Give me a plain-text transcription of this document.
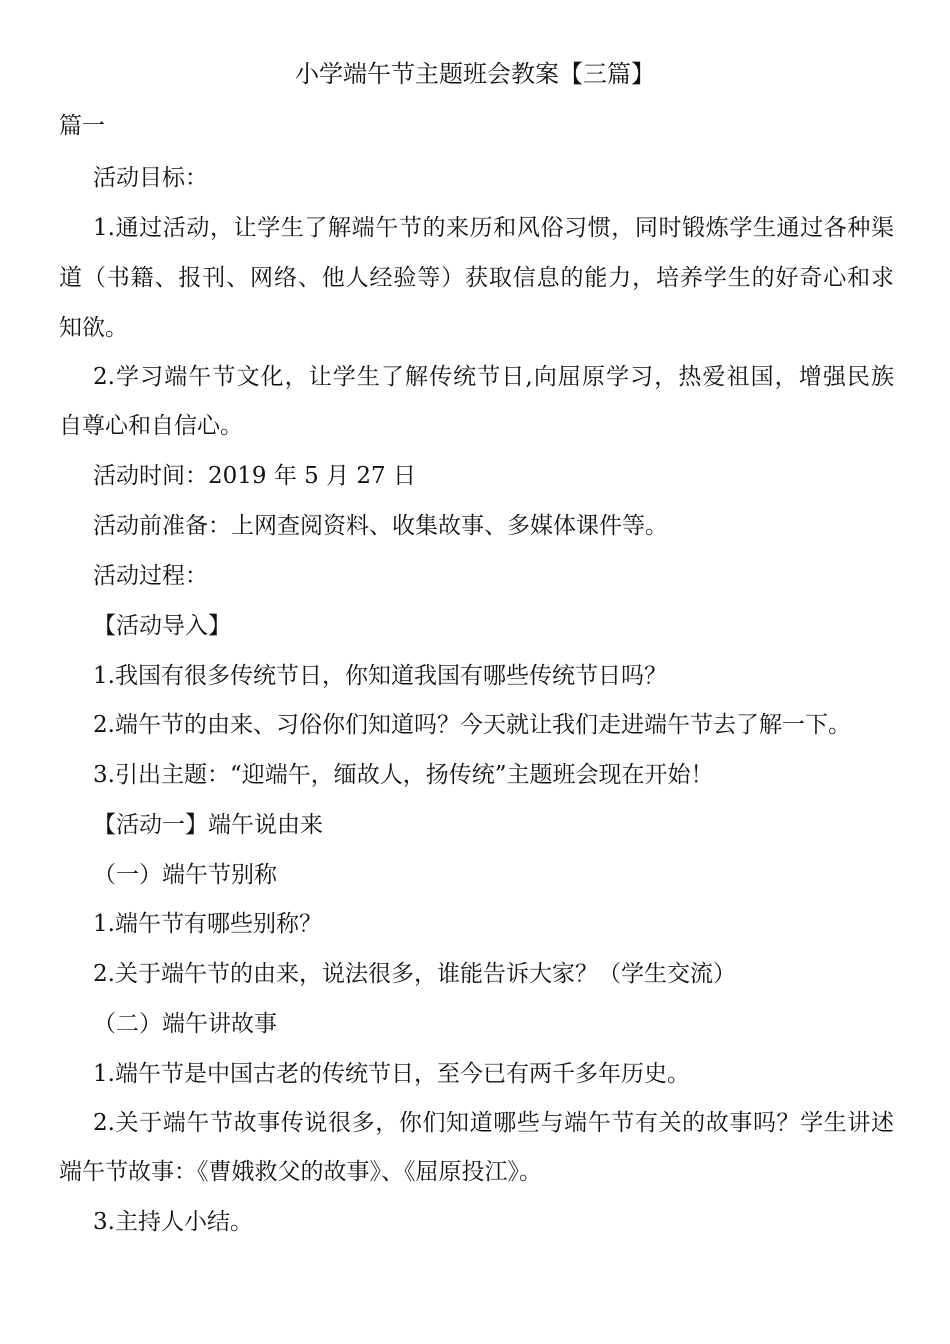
小学端午节主题班会教案【三篇】

篇一

活动目标：

1.通过活动，让学生了解端午节的来历和风俗习惯，同时锻炼学生通过各种渠

道（书籍、报刊、网络、他人经验等）获取信息的能力，培养学生的好奇心和求

知欲。

2.学习端午节文化，让学生了解传统节日,向屈原学习，热爱祖国，增强民族

自尊心和自信心。

活动时间：2019 年 5 月 27 日

活动前准备：上网查阅资料、收集故事、多媒体课件等。

活动过程：

【活动导入】

1.我国有很多传统节日，你知道我国有哪些传统节日吗？

2.端午节的由来、习俗你们知道吗？今天就让我们走进端午节去了解一下。

3.引出主题：“迎端午，缅故人，扬传统”主题班会现在开始！

【活动一】端午说由来

（一）端午节别称

1.端午节有哪些别称？

2.关于端午节的由来，说法很多，谁能告诉大家？（学生交流）

（二）端午讲故事

1.端午节是中国古老的传统节日，至今已有两千多年历史。

2.关于端午节故事传说很多，你们知道哪些与端午节有关的故事吗？学生讲述

端午节故事：《曹娥救父的故事》、《屈原投江》。

3.主持人小结。
